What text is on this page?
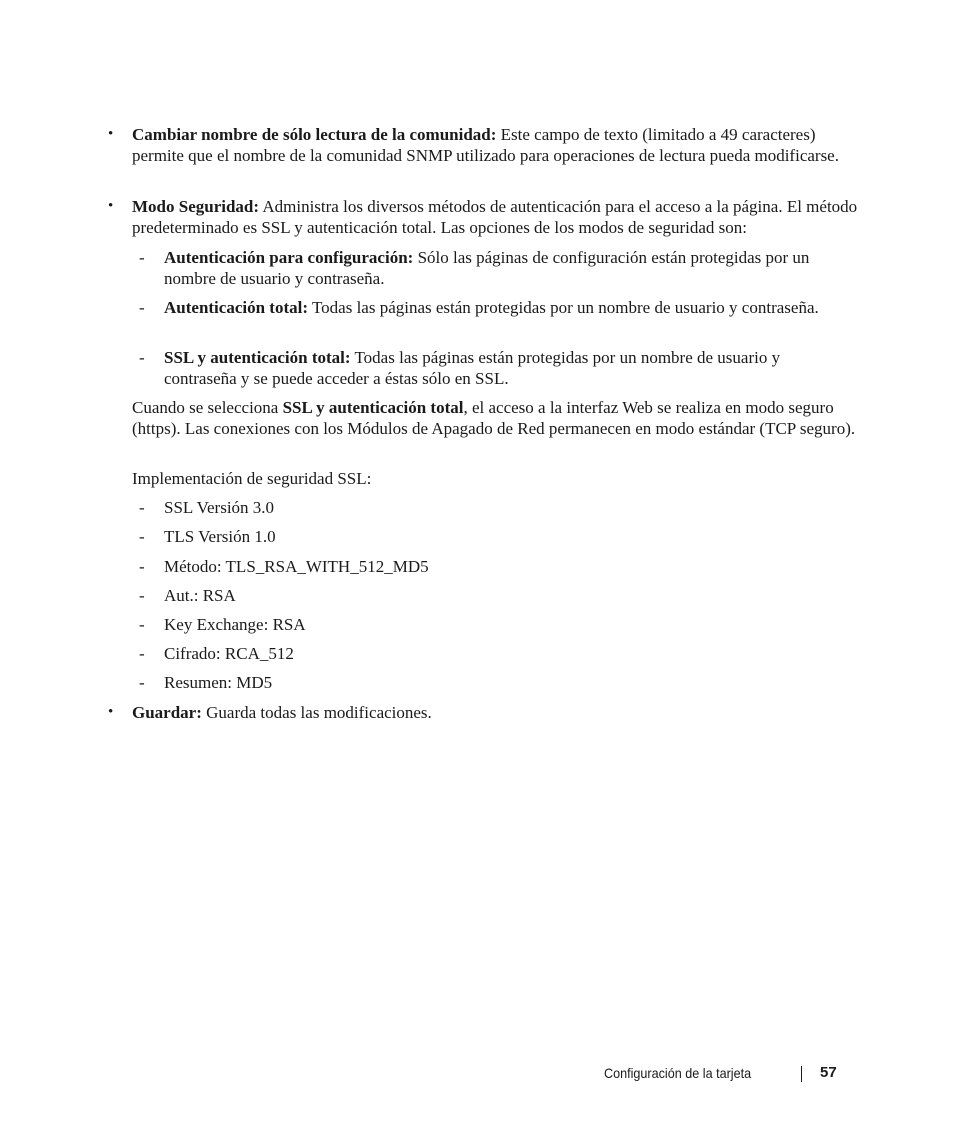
• Cambiar nombre de sólo lectura de la comunidad: Este campo de texto (limitado a 49 caracteres) permite que el nombre de la comunidad SNMP utilizado para operaciones de lectura pueda modificarse.

• Modo Seguridad: Administra los diversos métodos de autenticación para el acceso a la página. El método predeterminado es SSL y autenticación total. Las opciones de los modos de seguridad son:

- Autenticación para configuración: Sólo las páginas de configuración están protegidas por un nombre de usuario y contraseña.

- Autenticación total: Todas las páginas están protegidas por un nombre de usuario y contraseña.

- SSL y autenticación total: Todas las páginas están protegidas por un nombre de usuario y contraseña y se puede acceder a éstas sólo en SSL.

Cuando se selecciona SSL y autenticación total, el acceso a la interfaz Web se realiza en modo seguro (https). Las conexiones con los Módulos de Apagado de Red permanecen en modo estándar (TCP seguro).

Implementación de seguridad SSL:

- SSL Versión 3.0

- TLS Versión 1.0

- Método: TLS_RSA_WITH_512_MD5

- Aut.: RSA

- Key Exchange: RSA

- Cifrado: RCA_512

- Resumen: MD5

• Guardar: Guarda todas las modificaciones.

Configuración de la tarjeta	57
